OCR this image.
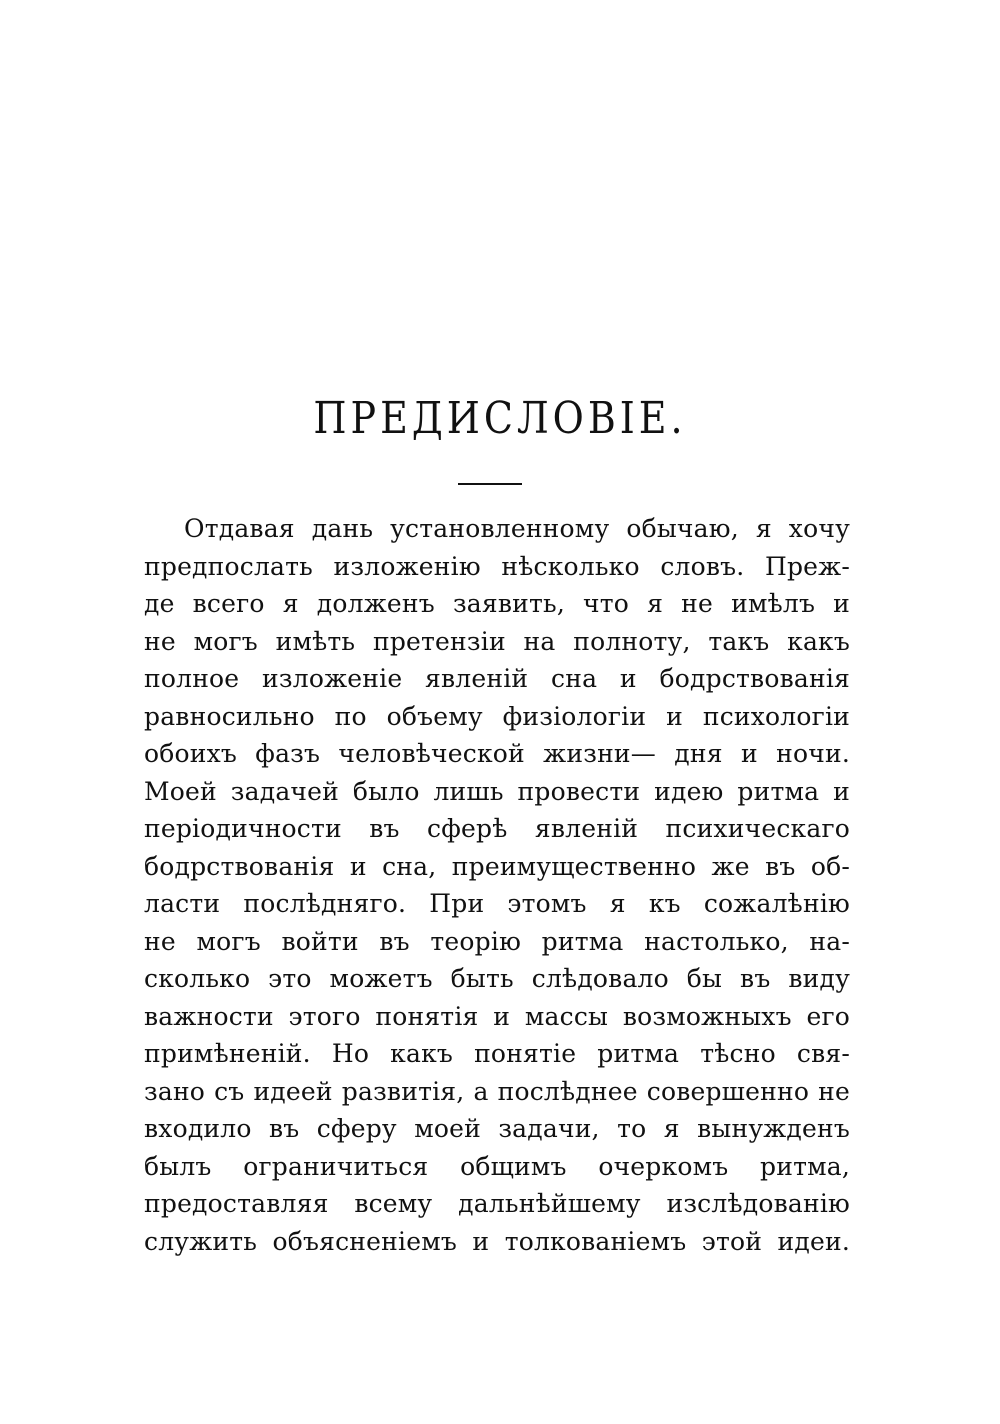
ПРЕДИСЛОВІЕ.
Отдавая дань установленному обычаю, я хочу
предпослать изложенію нѣсколько словъ. Преж-
де всего я долженъ заявить, что я не имѣлъ и
не могъ имѣть претензіи на полноту, такъ какъ
полное изложеніе явленій сна и бодрствованія
равносильно по объему физіологіи и психологіи
обоихъ фазъ человѣческой жизни— дня и ночи.
Моей задачей было лишь провести идею ритма и
періодичности въ сферѣ явленій психическаго
бодрствованія и сна, преимущественно же въ об-
ласти послѣдняго. При этомъ я къ сожалѣнію
не могъ войти въ теорію ритма настолько, на-
сколько это можетъ быть слѣдовало бы въ виду
важности этого понятія и массы возможныхъ его
примѣненій. Но какъ понятіе ритма тѣсно свя-
зано съ идеей развитія, а послѣднее совершенно не
входило въ сферу моей задачи, то я вынужденъ
былъ ограничиться общимъ очеркомъ ритма,
предоставляя всему дальнѣйшему изслѣдованію
служить объясненіемъ и толкованіемъ этой идеи.
